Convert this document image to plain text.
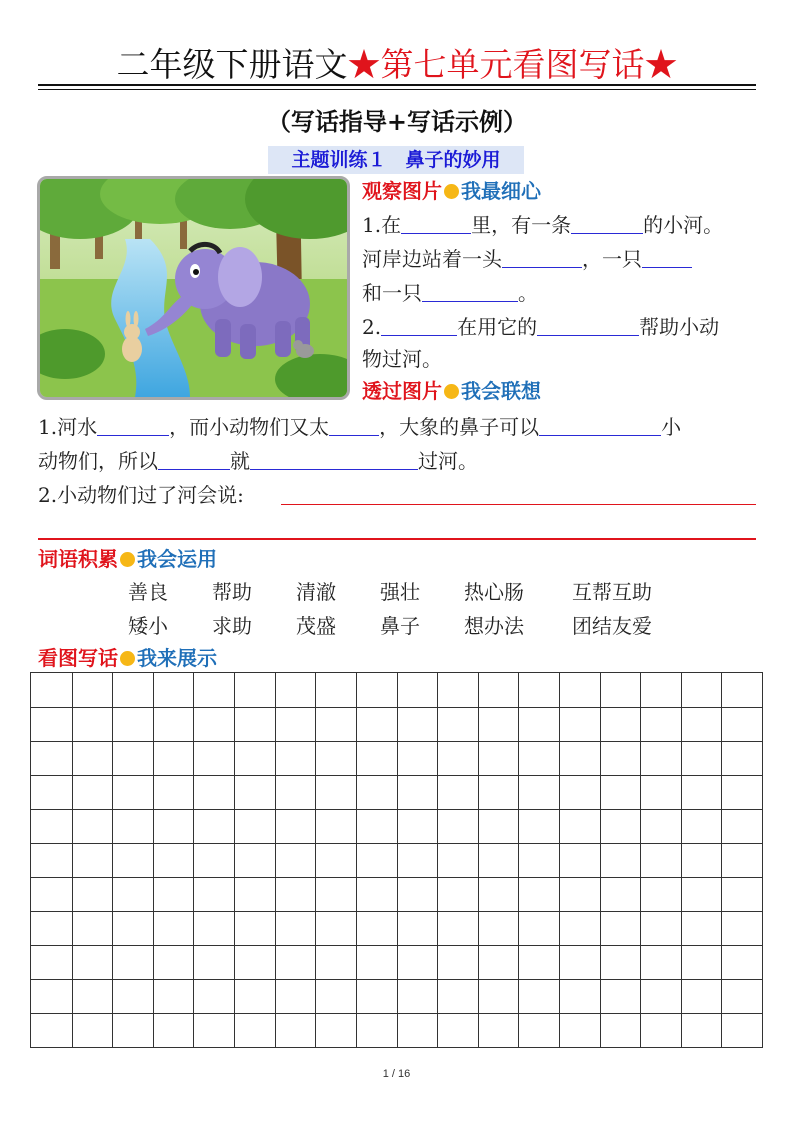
二年级下册语文★第七单元看图写话★
（写话指导+写话示例）
主题训练１　鼻子的妙用
观察图片 我最细心
1.在	里，有一条	的小河。
河岸边站着一头	，一只
和一只	。
2.	在用它的	帮助小动
物过河。
透过图片 我会联想
1.河水	，而小动物们又太	，大象的鼻子可以	小
动物们，所以	就	过河。
2.小动物们过了河会说:
词语积累 我会运用
善良 帮助 清澈 强壮 热心肠 互帮互助
矮小 求助 茂盛 鼻子 想办法 团结友爱
看图写话 我来展示
1 / 16
